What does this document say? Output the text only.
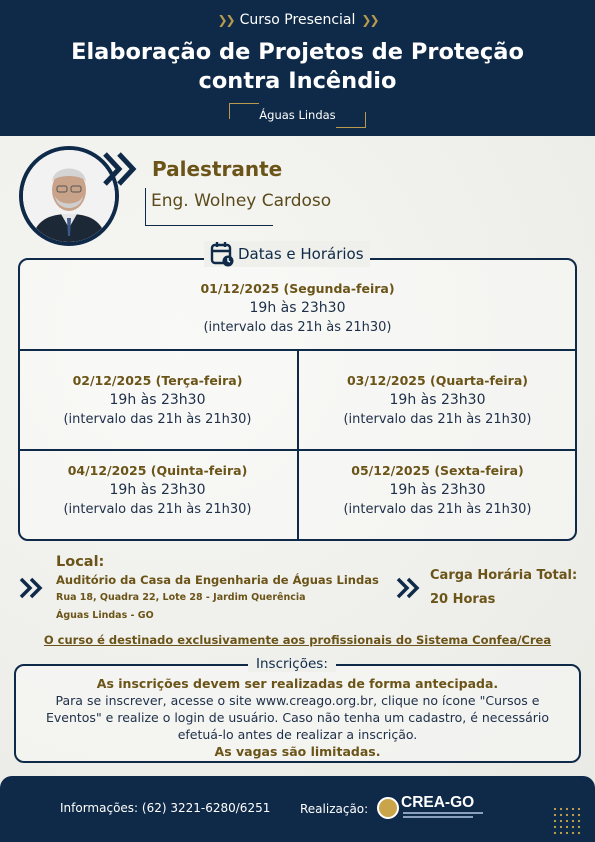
❯❯ Curso Presencial ❯❯
Elaboração de Projetos de Proteção
contra Incêndio
Águas Lindas
Palestrante
Eng. Wolney Cardoso
Datas e Horários
01/12/2025 (Segunda-feira)
19h às 23h30
(intervalo das 21h às 21h30)
02/12/2025 (Terça-feira)
19h às 23h30
(intervalo das 21h às 21h30)
03/12/2025 (Quarta-feira)
19h às 23h30
(intervalo das 21h às 21h30)
04/12/2025 (Quinta-feira)
19h às 23h30
(intervalo das 21h às 21h30)
05/12/2025 (Sexta-feira)
19h às 23h30
(intervalo das 21h às 21h30)
Local:
Auditório da Casa da Engenharia de Águas Lindas
Rua 18, Quadra 22, Lote 28 - Jardim Querência
Águas Lindas - GO
Carga Horária Total:
20 Horas
O curso é destinado exclusivamente aos profissionais do Sistema Confea/Crea
Inscrições:
As inscrições devem ser realizadas de forma antecipada.
Para se inscrever, acesse o site www.creago.org.br, clique no ícone "Cursos e
Eventos" e realize o login de usuário. Caso não tenha um cadastro, é necessário
efetuá-lo antes de realizar a inscrição.
As vagas são limitadas.
Informações: (62) 3221-6280/6251 Realização: CREA-GO
